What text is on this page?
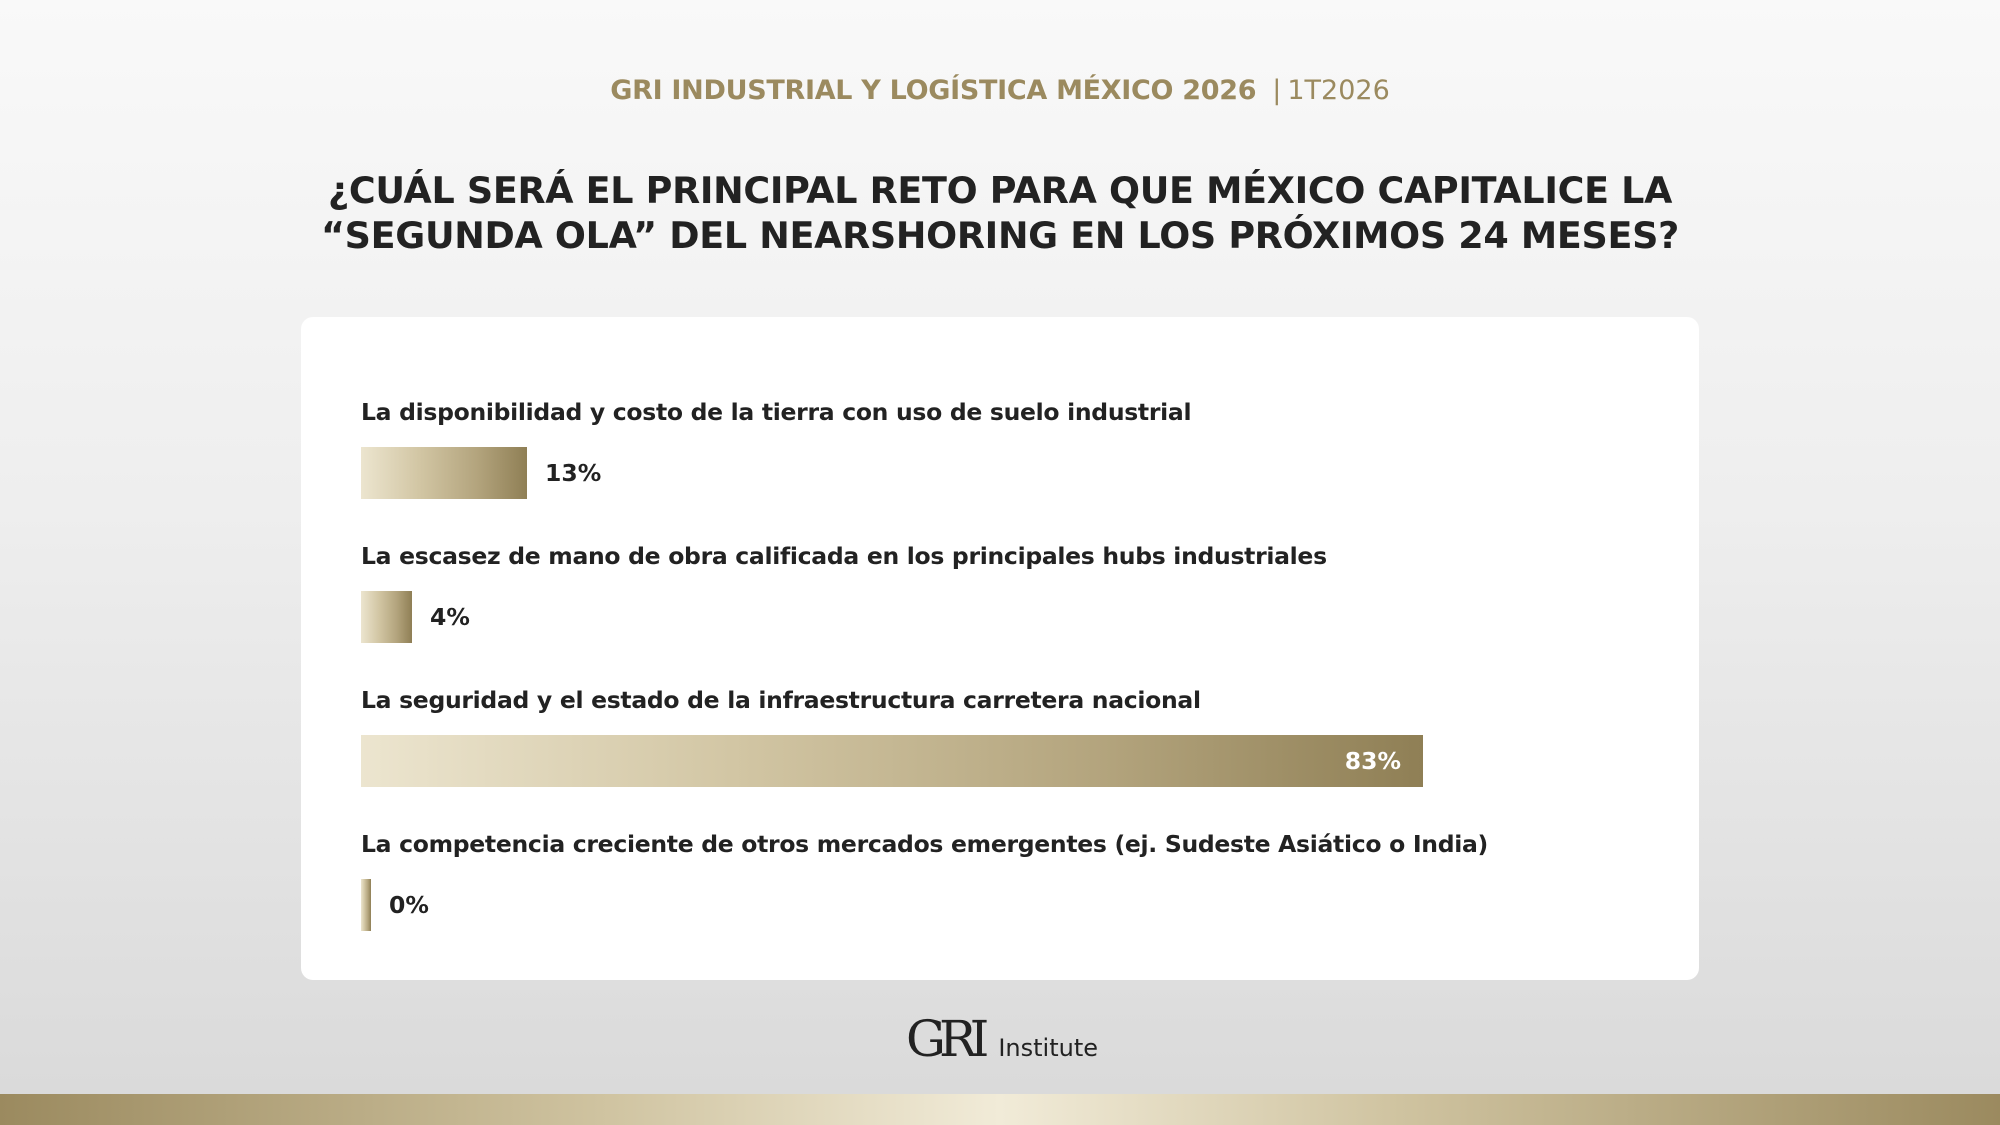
GRI INDUSTRIAL Y LOGÍSTICA MÉXICO 2026 | 1T2026
¿CUÁL SERÁ EL PRINCIPAL RETO PARA QUE MÉXICO CAPITALICE LA
“SEGUNDA OLA” DEL NEARSHORING EN LOS PRÓXIMOS 24 MESES?
La disponibilidad y costo de la tierra con uso de suelo industrial
13%
La escasez de mano de obra calificada en los principales hubs industriales
4%
La seguridad y el estado de la infraestructura carretera nacional
83%
La competencia creciente de otros mercados emergentes (ej. Sudeste Asiático o India)
0%
GRI Institute
